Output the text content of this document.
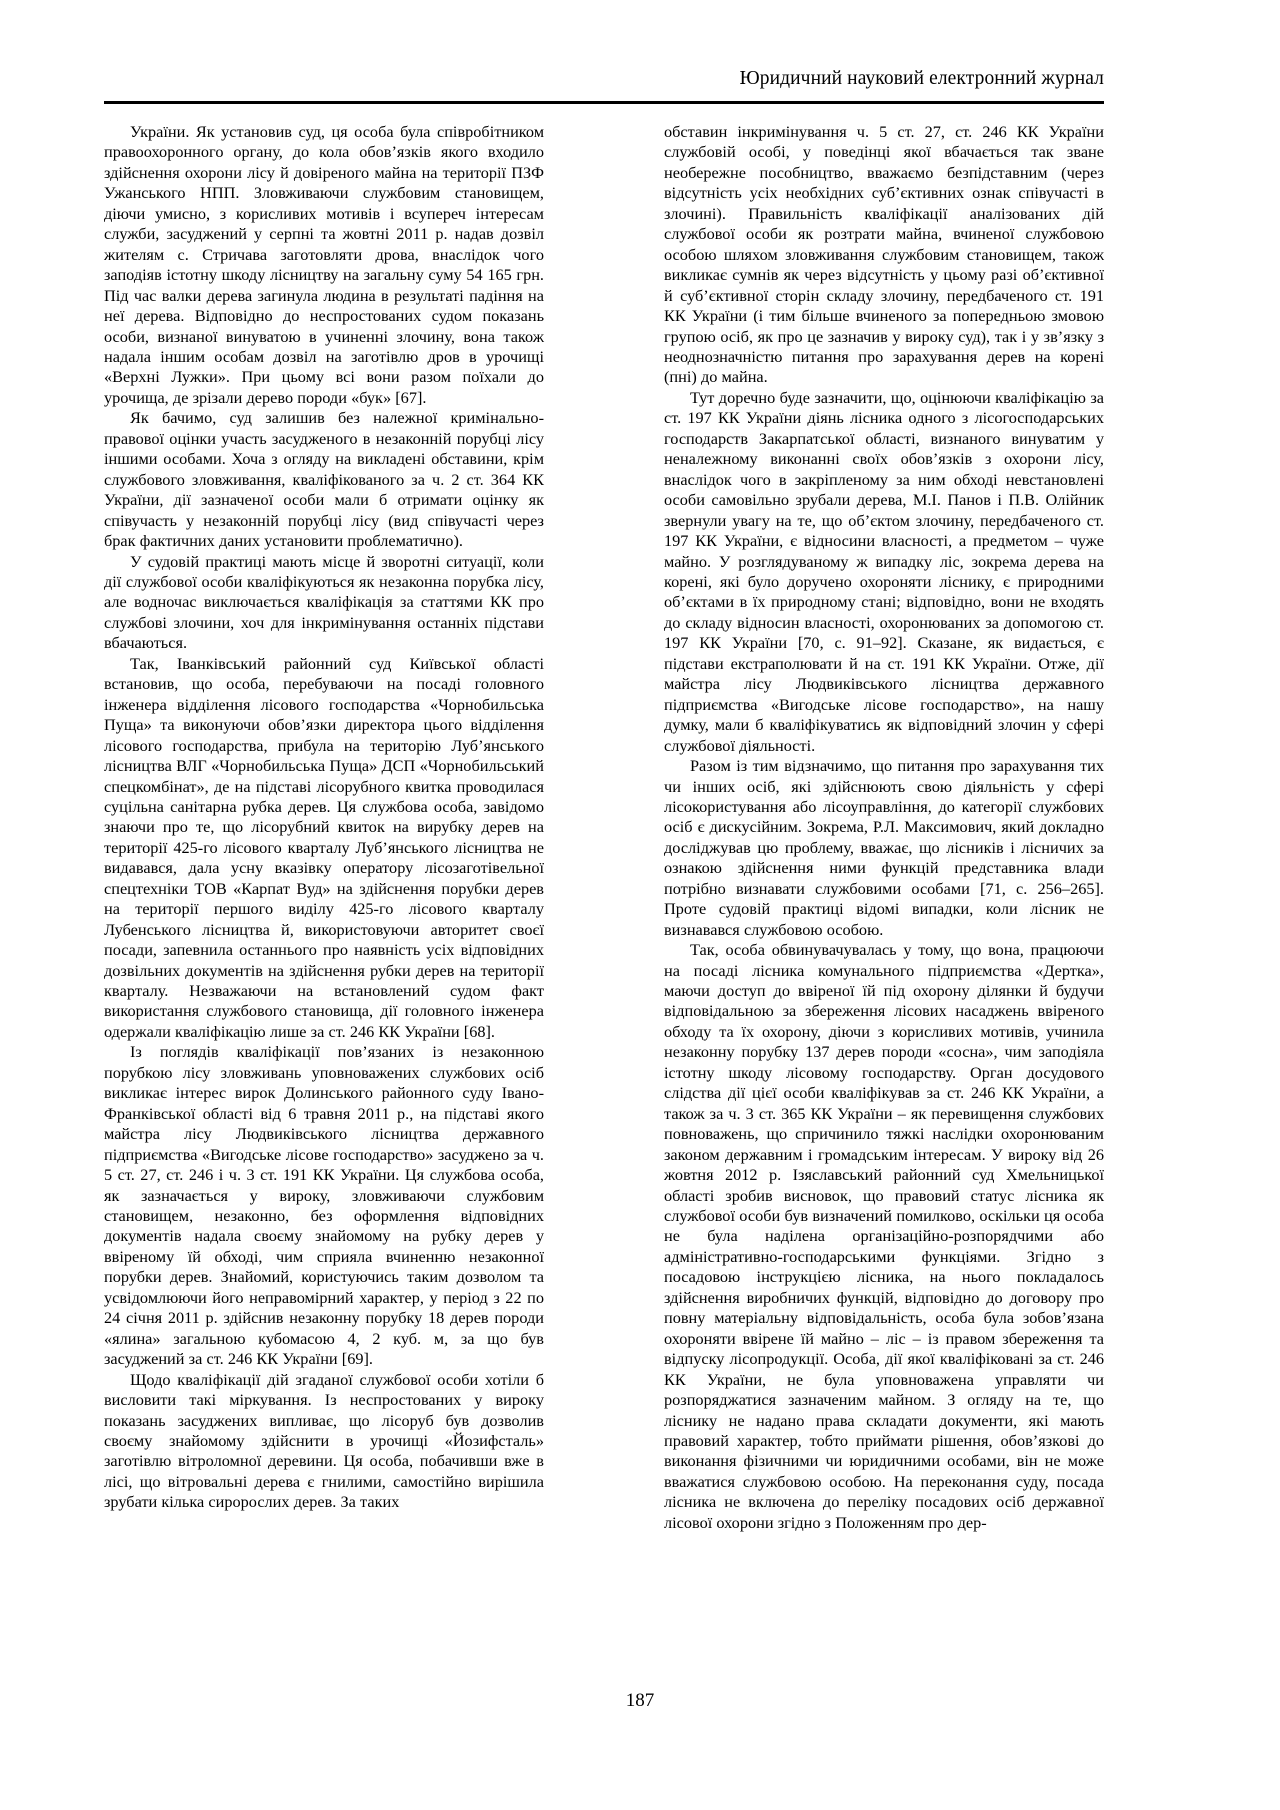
Юридичний науковий електронний журнал

України. Як установив суд, ця особа була співробітником правоохоронного органу, до кола обов’язків якого входило здійснення охорони лісу й довіреного майна на території ПЗФ Ужанського НПП. Зловживаючи службовим становищем, діючи умисно, з корисливих мотивів і всупереч інтересам служби, засуджений у серпні та жовтні 2011 р. надав дозвіл жителям с. Стричава заготовляти дрова, внаслідок чого заподіяв істотну шкоду лісництву на загальну суму 54 165 грн. Під час валки дерева загинула людина в результаті падіння на неї дерева. Відповідно до неспростованих судом показань особи, визнаної винуватою в учиненні злочину, вона також надала іншим особам дозвіл на заготівлю дров в урочищі «Верхні Лужки». При цьому всі вони разом поїхали до урочища, де зрізали дерево породи «бук» [67].

Як бачимо, суд залишив без належної кримінально-правової оцінки участь засудженого в незаконній порубці лісу іншими особами. Хоча з огляду на викладені обставини, крім службового зловживання, кваліфікованого за ч. 2 ст. 364 КК України, дії зазначеної особи мали б отримати оцінку як співучасть у незаконній порубці лісу (вид співучасті через брак фактичних даних установити проблематично).

У судовій практиці мають місце й зворотні ситуації, коли дії службової особи кваліфікуються як незаконна порубка лісу, але водночас виключається кваліфікація за статтями КК про службові злочини, хоч для інкримінування останніх підстави вбачаються.

Так, Іванківський районний суд Київської області встановив, що особа, перебуваючи на посаді головного інженера відділення лісового господарства «Чорнобильська Пуща» та виконуючи обов’язки директора цього відділення лісового господарства, прибула на територію Луб’янського лісництва ВЛГ «Чорнобильська Пуща» ДСП «Чорнобильський спецкомбінат», де на підставі лісорубного квитка проводилася суцільна санітарна рубка дерев. Ця службова особа, завідомо знаючи про те, що лісорубний квиток на вирубку дерев на території 425-го лісового квapталу Луб’янського лісництва не видавався, дала усну вказівку оператору лісозаготівельної спецтехніки ТОВ «Карпат Вуд» на здійснення порубки дерев на території першого виділу 425-го лісового квapталу Лубенського лісництва й, використовуючи авторитет своєї посади, запевнила останнього про наявність усіх відповідних дозвільних документів на здійснення рубки дерев на території квapталу. Незважаючи на встановлений судом факт використання службового становища, дії головного інженера одержали кваліфікацію лише за ст. 246 КК України [68].

Із поглядів кваліфікації пов’язаних із незаконною порубкою лісу зловживань уповноважених службових осіб викликає інтерес вирок Долинського районного суду Івано-Франківської області від 6 травня 2011 р., на підставі якого майстра лісу Людвиківського лісництва державного підприємства «Вигодське лісове господарство» засуджено за ч. 5 ст. 27, ст. 246 і ч. 3 ст. 191 КК України. Ця службова особа, як зазначається у вироку, зловживаючи службовим становищем, незаконно, без оформлення відповідних документів надала своєму знайомому на рубку дерев у ввіреному їй обході, чим сприяла вчиненню незаконної порубки дерев. Знайомий, користуючись таким дозволом та усвідомлюючи його неправомірний характер, у період з 22 по 24 січня 2011 р. здійснив незаконну порубку 18 дерев породи «ялина» загальною кубомасою 4, 2 куб. м, за що був засуджений за ст. 246 КК України [69].

Щодо кваліфікації дій згаданої службової особи хотіли б висловити такі міркування. Із неспростованих у вироку показань засуджених випливає, що лісоруб був дозволив своєму знайомому здійснити в урочищі «Йозифсталь» заготівлю вітроломної деревини. Ця особа, побачивши вже в лісі, що вітровальні дерева є гнилими, самостійно вирішила зрубати кілька сиророслих дерев. За таких

обставин інкримінування ч. 5 ст. 27, ст. 246 КК України службовій особі, у поведінці якої вбачається так зване необережне пособництво, вважаємо безпідставним (через відсутність усіх необхідних суб’єктивних ознак співучасті в злочині). Правильність кваліфікації аналізованих дій службової особи як розтрати майна, вчиненої службовою особою шляхом зловживання службовим становищем, також викликає сумнів як через відсутність у цьому разі об’єктивної й суб’єктивної сторін складу злочину, передбаченого ст. 191 КК України (і тим більше вчиненого за попередньою змовою групою осіб, як про це зазначив у вироку суд), так і у зв’язку з неоднозначністю питання про зарахування дерев на корені (пні) до майна.

Тут доречно буде зазначити, що, оцінюючи кваліфікацію за ст. 197 КК України діянь лісника одного з лісогосподарських господарств Закарпатської області, визнаного винуватим у неналежному виконанні своїх обов’язків з охорони лісу, внаслідок чого в закріпленому за ним обході невстановлені особи самовільно зрубали дерева, М.І. Панов і П.В. Олійник звернули увагу на те, що об’єктом злочину, передбаченого ст. 197 КК України, є відносини власності, а предметом – чуже майно. У розглядуваному ж випадку ліс, зокрема дерева на корені, які було доручено охороняти ліснику, є природними об’єктами в їх природному стані; відповідно, вони не входять до складу відносин власності, охоронюваних за допомогою ст. 197 КК України [70, с. 91–92]. Сказане, як видається, є підстави екстраполювати й на ст. 191 КК України. Отже, дії майстра лісу Людвиківського лісництва державного підприємства «Вигодське лісове господарство», на нашу думку, мали б кваліфікуватись як відповідний злочин у сфері службової діяльності.

Разом із тим відзначимо, що питання про зарахування тих чи інших осіб, які здійснюють свою діяльність у сфері лісокористування або лісоуправління, до категорії службових осіб є дискусійним. Зокрема, Р.Л. Максимович, який докладно досліджував цю проблему, вважає, що лісників і лісничих за ознакою здійснення ними функцій представника влади потрібно визнавати службовими особами [71, с. 256–265]. Проте судовій практиці відомі випадки, коли лісник не визнавався службовою особою.

Так, особа обвинувачувалась у тому, що вона, працюючи на посаді лісника комунального підприємства «Дертка», маючи доступ до ввіреної їй під охорону ділянки й будучи відповідальною за збереження лісових насаджень ввіреного обходу та їх охорону, діючи з корисливих мотивів, учинила незаконну порубку 137 дерев породи «сосна», чим заподіяла істотну шкоду лісовому господарству. Орган досудового слідства дії цієї особи кваліфікував за ст. 246 КК України, а також за ч. 3 ст. 365 КК України – як перевищення службових повноважень, що спричинило тяжкі наслідки охоронюваним законом державним і громадським інтересам. У вироку від 26 жовтня 2012 р. Ізяславський районний суд Хмельницької області зробив висновок, що правовий статус лісника як службової особи був визначений помилково, оскільки ця особа не була наділена організаційно-розпорядчими або адміністративно-господарськими функціями. Згідно з посадовою інструкцією лісника, на нього покладалось здійснення виробничих функцій, відповідно до договору про повну матеріальну відповідальність, особа була зобов’язана охороняти ввірене їй майно – ліс – із правом збереження та відпуску лісопродукції. Особа, дії якої кваліфіковані за ст. 246 КК України, не була уповноважена управляти чи розпоряджатися зазначеним майном. З огляду на те, що ліснику не надано права складати документи, які мають правовий характер, тобто приймати рішення, обов’язкові до виконання фізичними чи юридичними особами, він не може вважатися службовою особою. На переконання суду, посада лісника не включена до переліку посадових осіб державної лісової охорони згідно з Положенням про дер-

187
